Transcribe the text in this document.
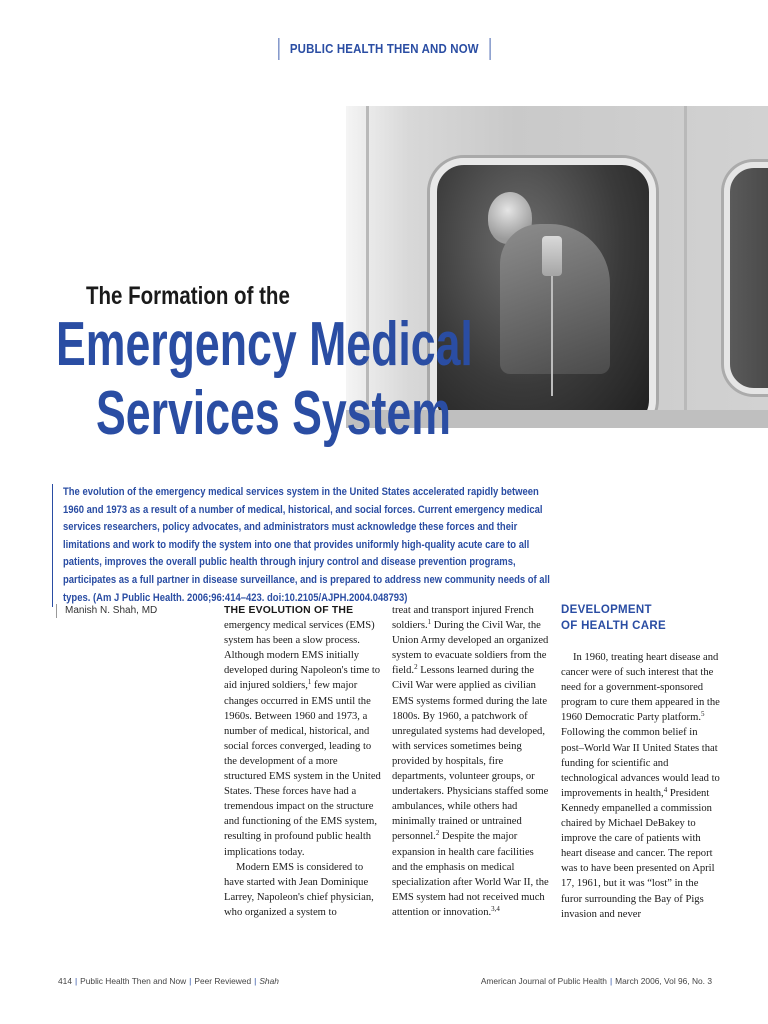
PUBLIC HEALTH THEN AND NOW
The Formation of the
Emergency Medical
Services System

The evolution of the emergency medical services system in the United States accelerated rapidly between 1960 and 1973 as a result of a number of medical, historical, and social forces. Current emergency medical services researchers, policy advocates, and administrators must acknowledge these forces and their limitations and work to modify the system into one that provides uniformly high-quality acute care to all patients, improves the overall public health through injury control and disease prevention programs, participates as a full partner in disease surveillance, and is prepared to address new community needs of all types. (Am J Public Health. 2006;96:414–423. doi:10.2105/AJPH.2004.048793)

Manish N. Shah, MD	THE EVOLUTION OF THE emergency medical services (EMS) system has been a slow process. Although modern EMS initially developed during Napoleon's time to aid injured soldiers,$^1$ few major changes occurred in EMS until the 1960s. Between 1960 and 1973, a number of medical, historical, and social forces converged, leading to the development of a more structured EMS system in the United States. These forces have had a tremendous impact on the structure and functioning of the EMS system, resulting in profound public health implications today.

Modern EMS is considered to have started with Jean Dominique Larrey, Napoleon's chief physician, who organized a system to

treat and transport injured French soldiers.$^1$ During the Civil War, the Union Army developed an organized system to evacuate soldiers from the field.$^2$ Lessons learned during the Civil War were applied as civilian EMS systems formed during the late 1800s. By 1960, a patchwork of unregulated systems had developed, with services sometimes being provided by hospitals, fire departments, volunteer groups, or undertakers. Physicians staffed some ambulances, while others had minimally trained or untrained personnel.$^2$ Despite the major expansion in health care facilities and the emphasis on medical specialization after World War II, the EMS system had not received much attention or innovation.$^{3,4}$

DEVELOPMENT
OF HEALTH CARE

In 1960, treating heart disease and cancer were of such interest that the need for a government-sponsored program to cure them appeared in the 1960 Democratic Party platform.$^5$ Following the common belief in post–World War II United States that funding for scientific and technological advances would lead to improvements in health,$^4$ President Kennedy empanelled a commission chaired by Michael DeBakey to improve the care of patients with heart disease and cancer. The report was to have been presented on April 17, 1961, but it was “lost” in the furor surrounding the Bay of Pigs invasion and never

414 | Public Health Then and Now | Peer Reviewed | Shah	American Journal of Public Health | March 2006, Vol 96, No. 3
